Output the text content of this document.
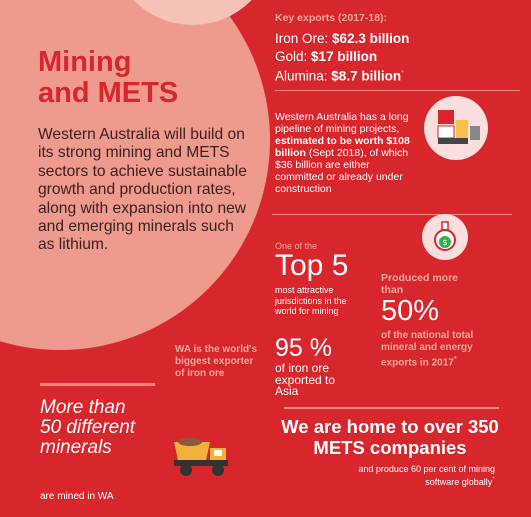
Mining
and METS
Western Australia will build on its strong mining and METS sectors to achieve sustainable growth and production rates, along with expansion into new and emerging minerals such as lithium.
Key exports (2017-18):
Iron Ore: $62.3 billion
Gold: $17 billion
Alumina: $8.7 billion*
Western Australia has a long pipeline of mining projects, estimated to be worth $108 billion (Sept 2018), of which $36 billion are either committed or already under construction
One of the
Top 5
most attractive jurisdictions in the world for mining
$
Produced more than
50%
of the national total mineral and energy exports in 2017*
WA is the world's biggest exporter of iron ore
95 %
of iron ore exported to Asia
More than 50 different minerals
are mined in WA
We are home to over 350 METS companies
and produce 60 per cent of mining software globally*
